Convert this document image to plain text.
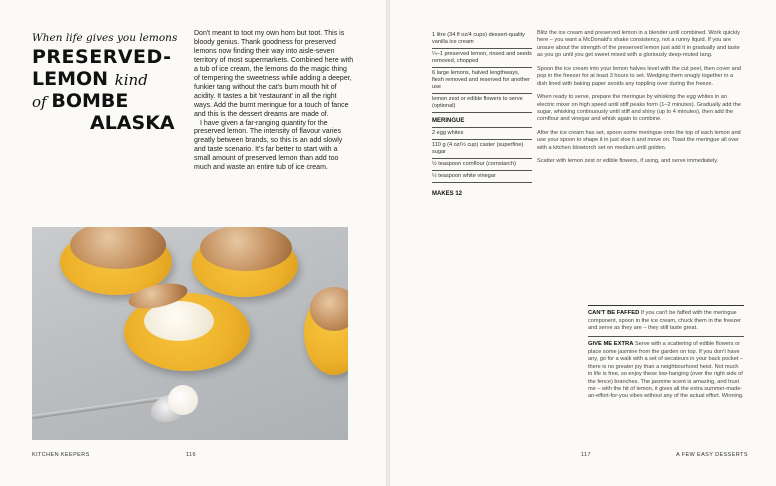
When life gives you lemons
PRESERVED-
LEMON kind
of BOMBE
ALASKA

Don't meant to toot my own horn but toot. This is bloody genius. Thank goodness for preserved lemons now finding their way into aisle-seven territory of most supermarkets. Combined here with a tub of ice cream, the lemons do the magic thing of tempering the sweetness while adding a deeper, funkier tang without the cat's bum mouth hit of acidity. It tastes a bit 'restaurant' in all the right ways. Add the burnt meringue for a touch of fance and this is the dessert dreams are made of.

I have given a far-ranging quantity for the preserved lemon. The intensity of flavour varies greatly between brands, so this is an add slowly and taste scenario. It's far better to start with a small amount of preserved lemon than add too much and waste an entire tub of ice cream.

KITCHEN KEEPERS	116
1 litre (34 fl oz/4 cups) dessert-quality vanilla ice cream
¼–1 preserved lemon, rinsed and seeds removed, chopped
6 large lemons, halved lengthways, flesh removed and reserved for another use
lemon zest or edible flowers to serve (optional)
MERINGUE
2 egg whites
110 g (4 oz/½ cup) caster (superfine) sugar
½ teaspoon cornflour (cornstarch)
½ teaspoon white vinegar
MAKES 12

Blitz the ice cream and preserved lemon in a blender until combined. Work quickly here – you want a McDonald's shake consistency, not a runny liquid. If you are unsure about the strength of the preserved lemon just add it in gradually and taste as you go until you get sweet mixed with a gloriously deep-muted tang.

Spoon the ice cream into your lemon halves level with the cut peel, then cover and pop in the freezer for at least 3 hours to set. Wedging them snugly together in a dish lined with baking paper avoids any toppling over during the freeze.

When ready to serve, prepare the meringue by whisking the egg whites in an electric mixer on high speed until stiff peaks form (1–2 minutes). Gradually add the sugar, whisking continuously until stiff and shiny (up to 4 minutes), then add the cornflour and vinegar and whisk again to combine.

After the ice cream has set, spoon some meringue onto the top of each lemon and use your spoon to shape it in just sloe it and move on. Toast the meringue all over with a kitchen blowtorch set on medium until golden.

Scatter with lemon zest or edible flowers, if using, and serve immediately.

CAN'T BE FAFFED If you can't be faffed with the meringue component, spoon in the ice cream, chuck them in the freezer and serve as they are – they still taste great.
GIVE ME EXTRA Serve with a scattering of edible flowers or place some jasmine from the garden on top. If you don't have any, go for a walk with a set of secateurs in your back pocket – there is no greater joy than a neighbourhood heist. Not much in life is free, so enjoy these low-hanging (over the right side of the fence) branches. The jasmine scent is amazing, and trust me – with the hit of lemon, it gives all the extra summer-made-an-effort-for-you vibes without any of the actual effort. Winning.
117	A FEW EASY DESSERTS
